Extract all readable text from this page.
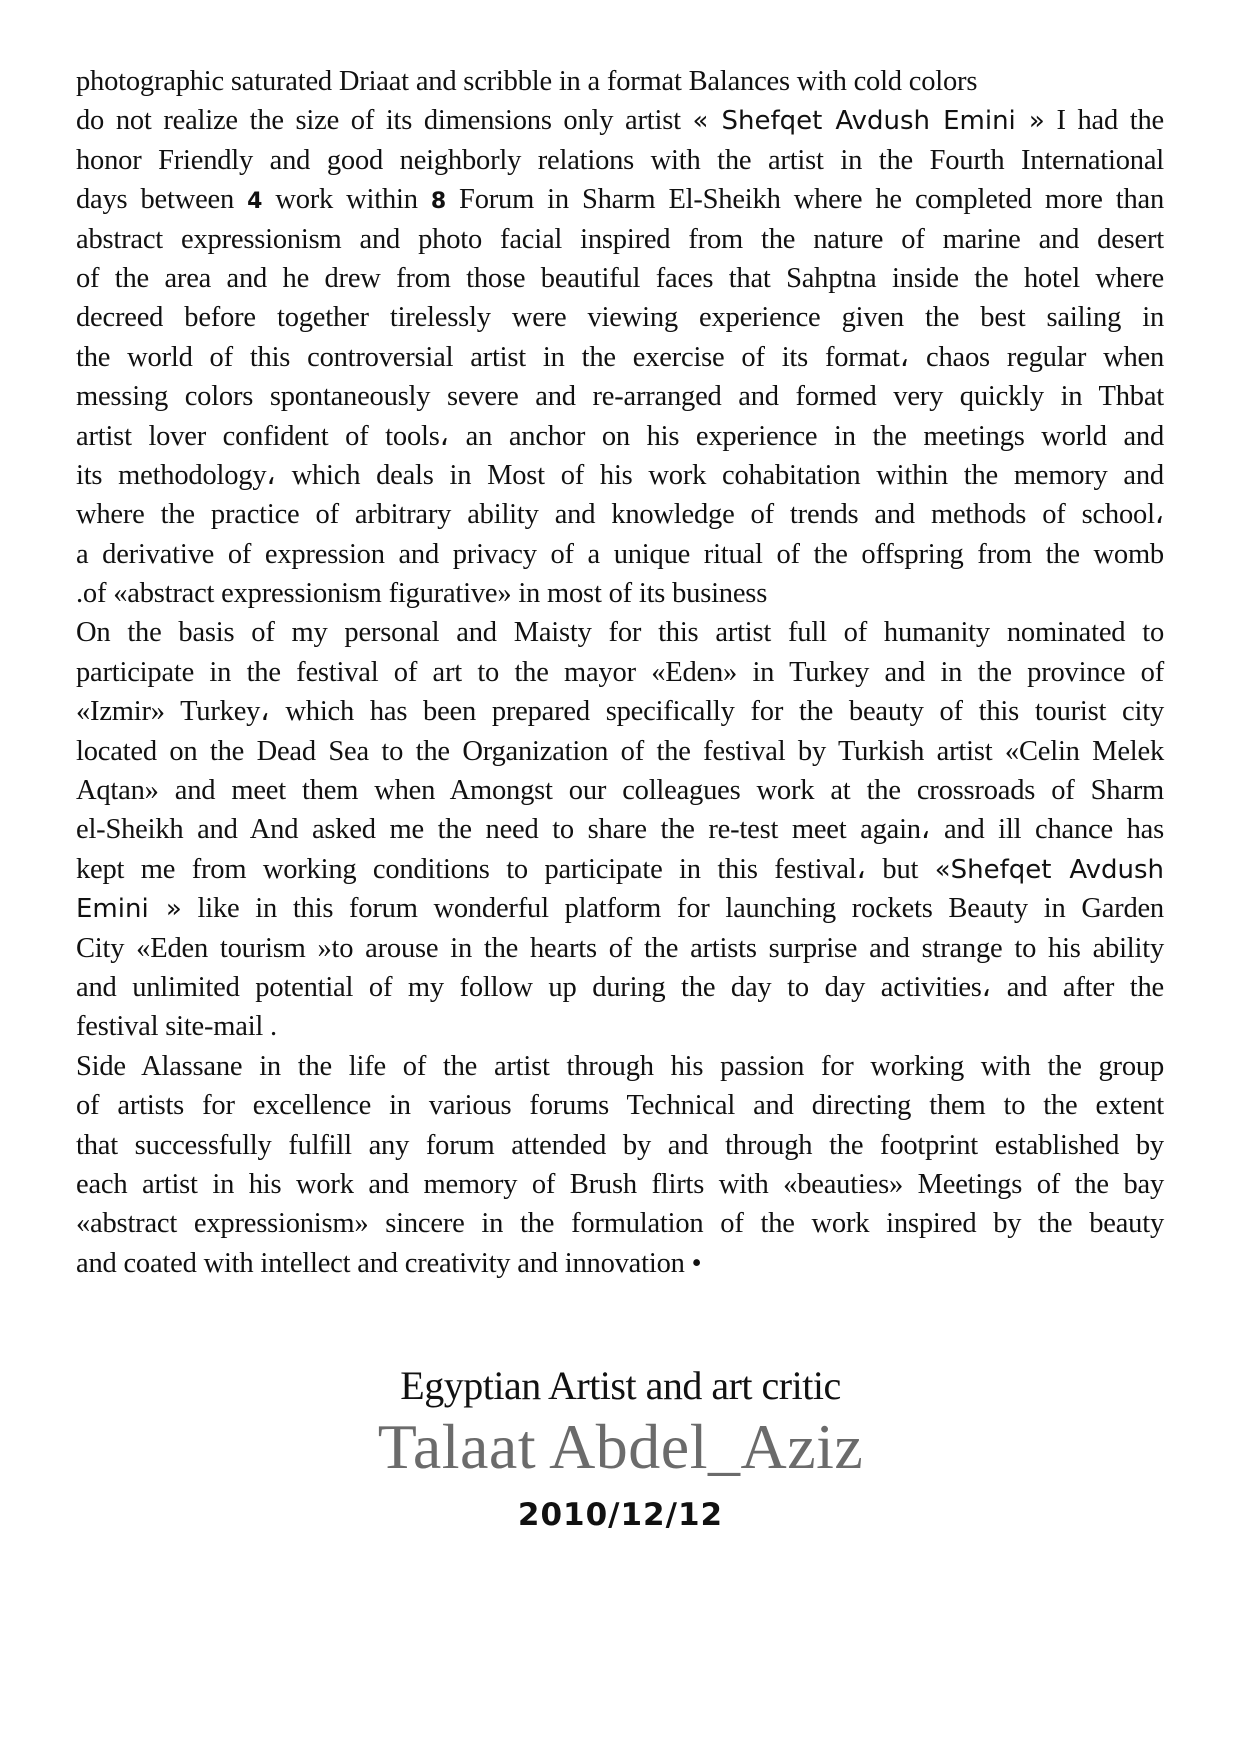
photographic saturated Driaat and scribble in a format Balances with cold colors
do not realize the size of its dimensions only artist « Shefqet Avdush Emini » I had the
honor Friendly and good neighborly relations with the artist in the Fourth International
days between 4 work within 8 Forum in Sharm El-Sheikh where he completed more than
abstract expressionism and photo facial inspired from the nature of marine and desert
of the area and he drew from those beautiful faces that Sahptna inside the hotel where
decreed before together tirelessly were viewing experience given the best sailing in
the world of this controversial artist in the exercise of its format، chaos regular when
messing colors spontaneously severe and re-arranged and formed very quickly in Thbat
artist lover confident of tools، an anchor on his experience in the meetings world and
its methodology، which deals in Most of his work cohabitation within the memory and
where the practice of arbitrary ability and knowledge of trends and methods of school،
a derivative of expression and privacy of a unique ritual of the offspring from the womb
.of «abstract expressionism figurative» in most of its business
On the basis of my personal and Maisty for this artist full of humanity nominated to
participate in the festival of art to the mayor «Eden» in Turkey and in the province of
«Izmir» Turkey، which has been prepared specifically for the beauty of this tourist city
located on the Dead Sea to the Organization of the festival by Turkish artist «Celin Melek
Aqtan» and meet them when Amongst our colleagues work at the crossroads of Sharm
el-Sheikh and And asked me the need to share the re-test meet again، and ill chance has
kept me from working conditions to participate in this festival، but «Shefqet Avdush
Emini » like in this forum wonderful platform for launching rockets Beauty in Garden
City «Eden tourism »to arouse in the hearts of the artists surprise and strange to his ability
and unlimited potential of my follow up during the day to day activities، and after the
festival site-mail .
Side Alassane in the life of the artist through his passion for working with the group
of artists for excellence in various forums Technical and directing them to the extent
that successfully fulfill any forum attended by and through the footprint established by
each artist in his work and memory of Brush flirts with «beauties» Meetings of the bay
«abstract expressionism» sincere in the formulation of the work inspired by the beauty
and coated with intellect and creativity and innovation •
Egyptian Artist and art critic
Talaat Abdel_Aziz
2010/12/12
